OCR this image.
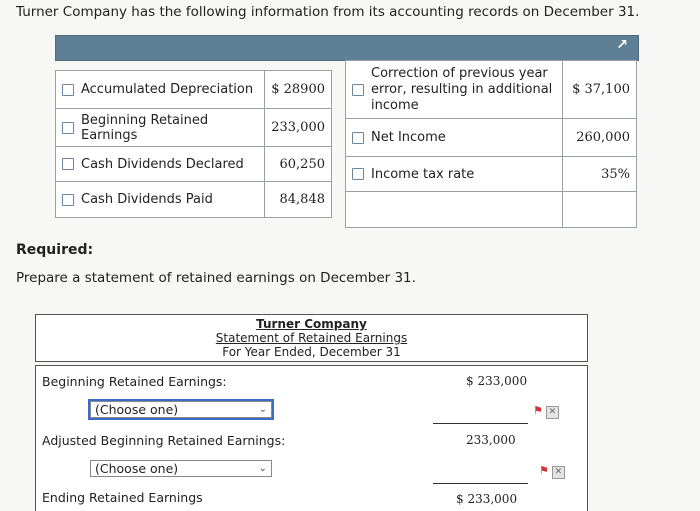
Turner Company has the following information from its accounting records on December 31.
↗
Accumulated Depreciation	$ 28900

Beginning Retained Earnings	233,000

Cash Dividends Declared	60,250

Cash Dividends Paid	84,848
Correction of previous year error, resulting in additional income	$ 37,100

Net Income	260,000

Income tax rate	35%

Required:
Prepare a statement of retained earnings on December 31.
Turner Company
Statement of Retained Earnings
For Year Ended, December 31
Beginning Retained Earnings:	$ 233,000
(Choose one)	⌄	⚑ ✕
Adjusted Beginning Retained Earnings:	233,000
(Choose one)	⌄	⚑ ✕
Ending Retained Earnings	$ 233,000
